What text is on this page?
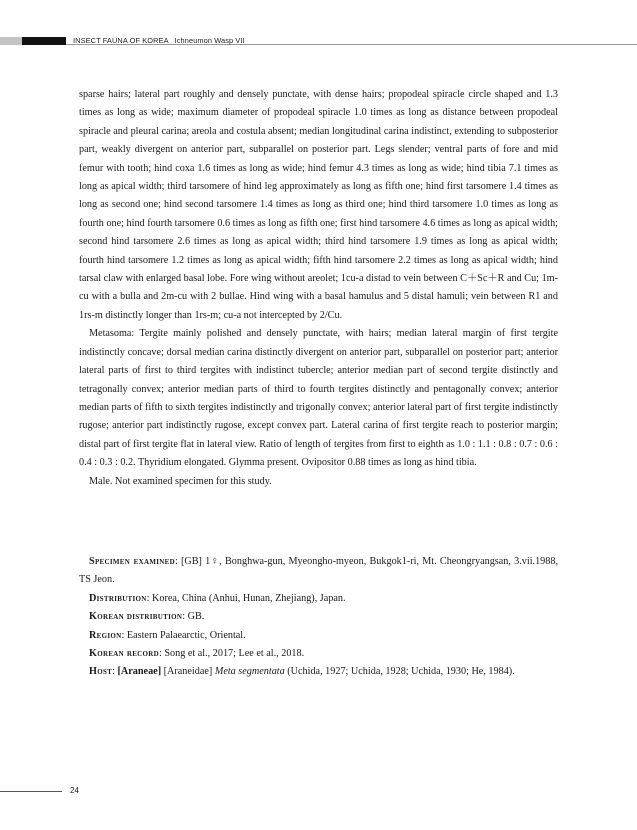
INSECT FAUNA OF KOREA Ichneumon Wasp VII

sparse hairs; lateral part roughly and densely punctate, with dense hairs; propodeal spiracle circle shaped and 1.3 times as long as wide; maximum diameter of propodeal spiracle 1.0 times as long as distance between propodeal spiracle and pleural carina; areola and costula absent; median longitudinal carina indistinct, extending to subposterior part, weakly divergent on anterior part, subparallel on posterior part. Legs slender; ventral parts of fore and mid femur with tooth; hind coxa 1.6 times as long as wide; hind femur 4.3 times as long as wide; hind tibia 7.1 times as long as apical width; third tarsomere of hind leg approximately as long as fifth one; hind first tarsomere 1.4 times as long as second one; hind second tarsomere 1.4 times as long as third one; hind third tarsomere 1.0 times as long as fourth one; hind fourth tarsomere 0.6 times as long as fifth one; first hind tarsomere 4.6 times as long as apical width; second hind tarsomere 2.6 times as long as apical width; third hind tarsomere 1.9 times as long as apical width; fourth hind tarsomere 1.2 times as long as apical width; fifth hind tarsomere 2.2 times as long as apical width; hind tarsal claw with enlarged basal lobe. Fore wing without areolet; 1cu-a distad to vein between C＋Sc＋R and Cu; 1m-cu with a bulla and 2m-cu with 2 bullae. Hind wing with a basal hamulus and 5 distal hamuli; vein between R1 and 1rs-m distinctly longer than 1rs-m; cu-a not intercepted by 2/Cu.

Metasoma: Tergite mainly polished and densely punctate, with hairs; median lateral margin of first tergite indistinctly concave; dorsal median carina distinctly divergent on anterior part, subparallel on posterior part; anterior lateral parts of first to third tergites with indistinct tubercle; anterior median part of second tergite distinctly and tetragonally convex; anterior median parts of third to fourth tergites distinctly and pentagonally convex; anterior median parts of fifth to sixth tergites indistinctly and trigonally convex; anterior lateral part of first tergite indistinctly rugose; anterior part indistinctly rugose, except convex part. Lateral carina of first tergite reach to posterior margin; distal part of first tergite flat in lateral view. Ratio of length of tergites from first to eighth as 1.0 : 1.1 : 0.8 : 0.7 : 0.6 : 0.4 : 0.3 : 0.2. Thyridium elongated. Glymma present. Ovipositor 0.88 times as long as hind tibia.

Male. Not examined specimen for this study.

Specimen examined: [GB] 1♀, Bonghwa-gun, Myeongho-myeon, Bukgok1-ri, Mt. Cheongryangsan, 3.vii.1988, TS Jeon.

Distribution: Korea, China (Anhui, Hunan, Zhejiang), Japan.

Korean distribution: GB.

Region: Eastern Palaearctic, Oriental.

Korean record: Song et al., 2017; Lee et al., 2018.

Host: [Araneae] [Araneidae] Meta segmentata (Uchida, 1927; Uchida, 1928; Uchida, 1930; He, 1984).

24
